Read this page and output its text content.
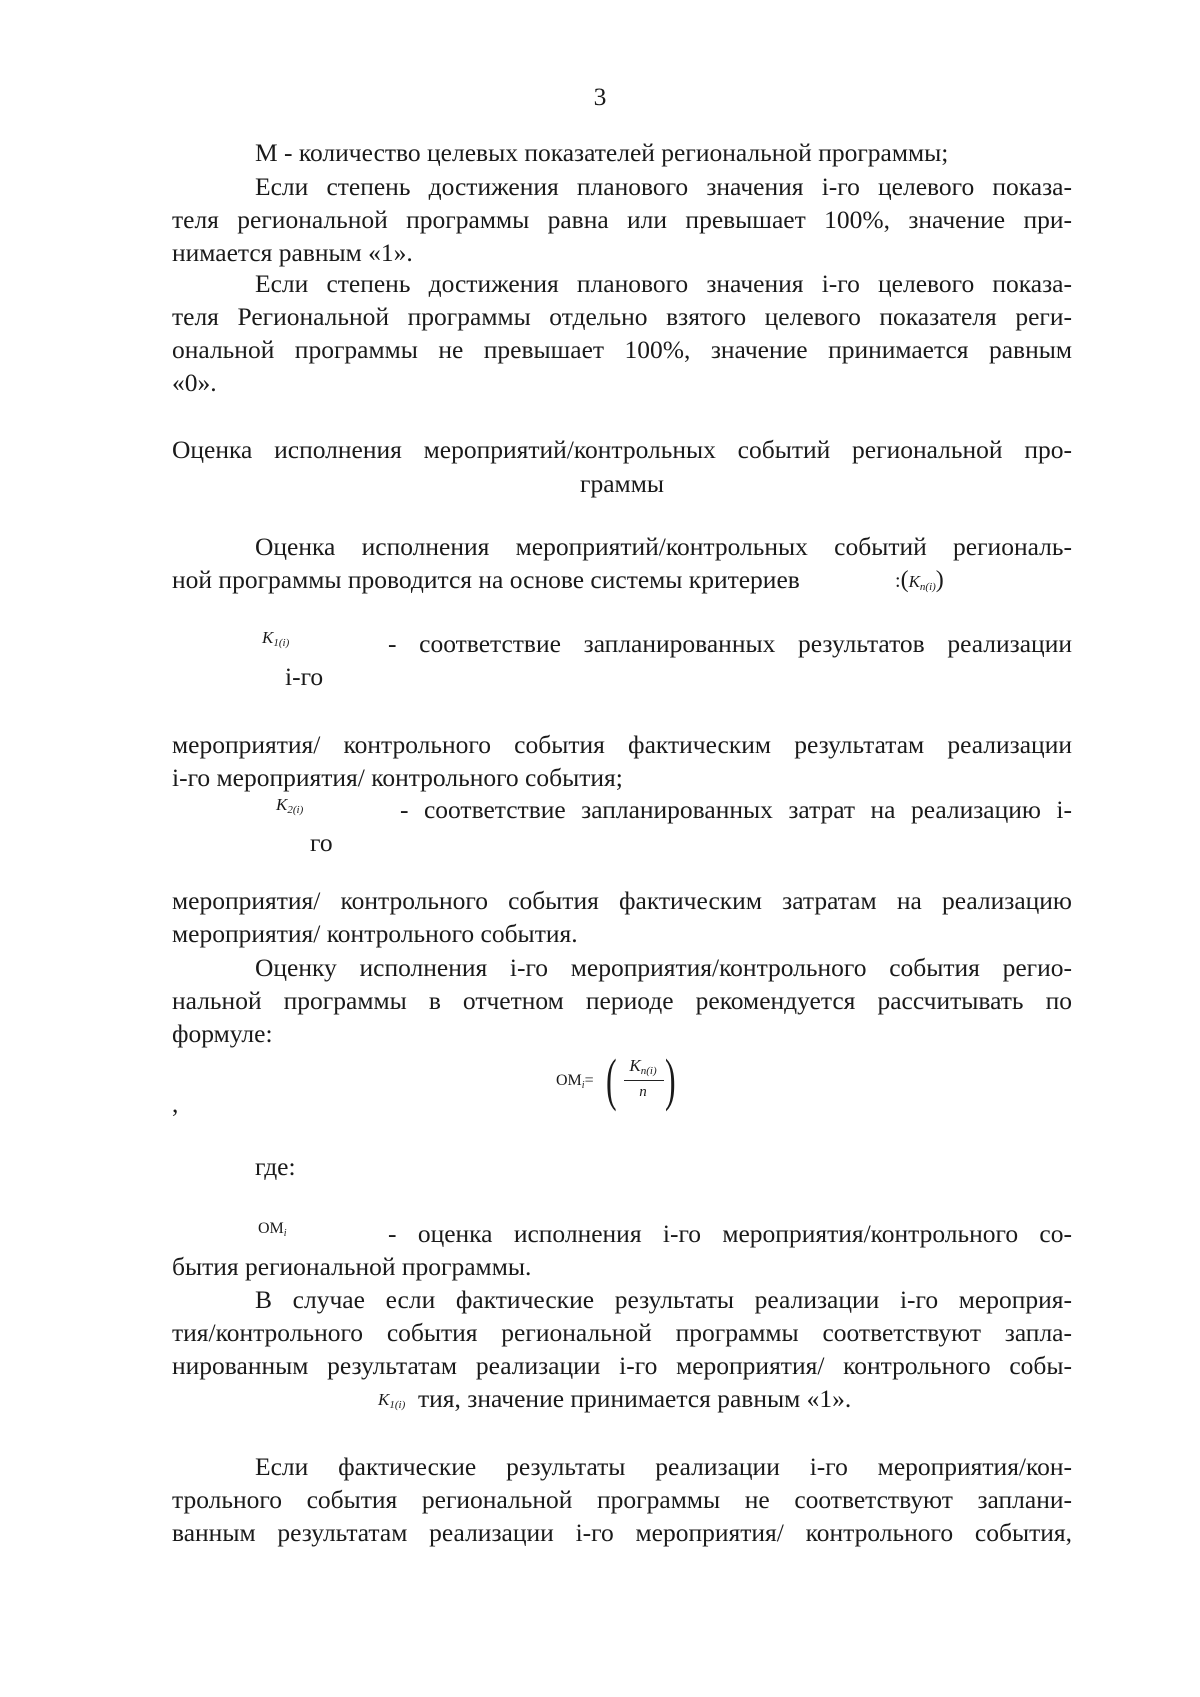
3
М - количество целевых показателей региональной программы;
Если степень достижения планового значения i-го целевого показа-
теля региональной программы равна или превышает 100%, значение при-
нимается равным «1».
Если степень достижения планового значения i-го целевого показа-
теля Региональной программы отдельно взятого целевого показателя реги-
ональной программы не превышает 100%, значение принимается равным
«0».
Оценка исполнения мероприятий/контрольных событий региональной про-
граммы
Оценка исполнения мероприятий/контрольных событий региональ-
ной программы проводится на основе системы критериев	$:(K_{n(i)})$
$K_{1(i)}$	- соответствие запланированных результатов реализации
i-го
мероприятия/ контрольного события фактическим результатам реализации
i-го мероприятия/ контрольного события;
$K_{2(i)}$	- соответствие запланированных затрат на реализацию i-
го
мероприятия/ контрольного события фактическим затратам на реализацию
мероприятия/ контрольного события.
Оценку исполнения i-го мероприятия/контрольного события регио-
нальной программы в отчетном периоде рекомендуется рассчитывать по
формуле:
$OM_i=$ ( $K_{n(i)}$
n )
,
где:
$OM_i$	- оценка исполнения i-го мероприятия/контрольного со-
бытия региональной программы.
В случае если фактические результаты реализации i-го мероприя-
тия/контрольного события региональной программы соответствуют запла-
нированным результатам реализации i-го мероприятия/ контрольного собы-
$K_{1(i)}$ тия, значение принимается равным «1».
Если фактические результаты реализации i-го мероприятия/кон-
трольного события региональной программы не соответствуют заплани-
ванным результатам реализации i-го мероприятия/ контрольного события,
